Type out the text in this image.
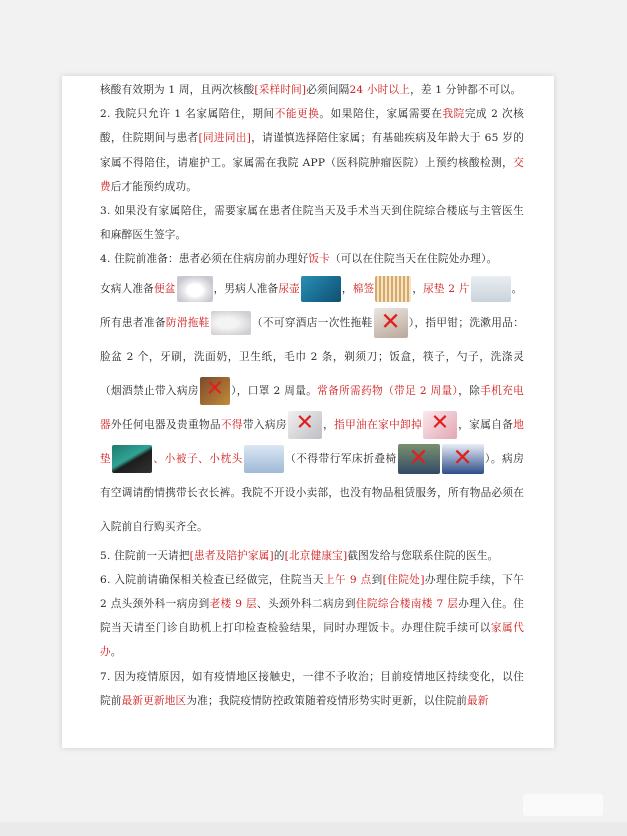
核酸有效期为 1 周，且两次核酸[采样时间]必须间隔24 小时以上，差 1 分钟都不可以。

2. 我院只允许 1 名家属陪住，期间不能更换。如果陪住，家属需要在我院完成 2 次核酸，住院期间与患者[同进同出]，请谨慎选择陪住家属；有基础疾病及年龄大于 65 岁的家属不得陪住，请雇护工。家属需在我院 APP（医科院肿瘤医院）上预约核酸检测，交费后才能预约成功。

3. 如果没有家属陪住，需要家属在患者住院当天及手术当天到住院综合楼底与主管医生和麻醉医生签字。

4. 住院前准备：患者必须在住病房前办理好饭卡（可以在住院当天在住院处办理）。

女病人准备便盆	，男病人准备尿壶	，棉签	，尿垫 2 片	。

所有患者准备防滑拖鞋	（不可穿酒店一次性拖鞋 ✕	），指甲钳；洗漱用品：脸盆 2 个，牙刷，洗面奶，卫生纸，毛巾 2 条，剃须刀；饭盒，筷子，勺子，洗涤灵（烟酒禁止带入病房 ✕	），口罩 2 周量。常备所需药物（带足 2 周量），除手机充电器外任何电器及贵重物品不得带入病房 ✕	，指甲油在家中卸掉 ✕	，家属自备地垫	、小被子、小枕头	（不得带行军床折叠椅 ✕ ✕	）。病房有空调请酌情携带长衣长裤。我院不开设小卖部，也没有物品租赁服务，所有物品必须在入院前自行购买齐全。

5. 住院前一天请把[患者及陪护家属]的[北京健康宝]截图发给与您联系住院的医生。

6. 入院前请确保相关检查已经做完，住院当天上午 9 点到[住院处]办理住院手续，下午 2 点头颈外科一病房到老楼 9 层、头颈外科二病房到住院综合楼南楼 7 层办理入住。住院当天请至门诊自助机上打印检查检验结果，同时办理饭卡。办理住院手续可以家属代办。

7. 因为疫情原因，如有疫情地区接触史，一律不予收治；目前疫情地区持续变化，以住院前最新更新地区为准；我院疫情防控政策随着疫情形势实时更新，以住院前最新
